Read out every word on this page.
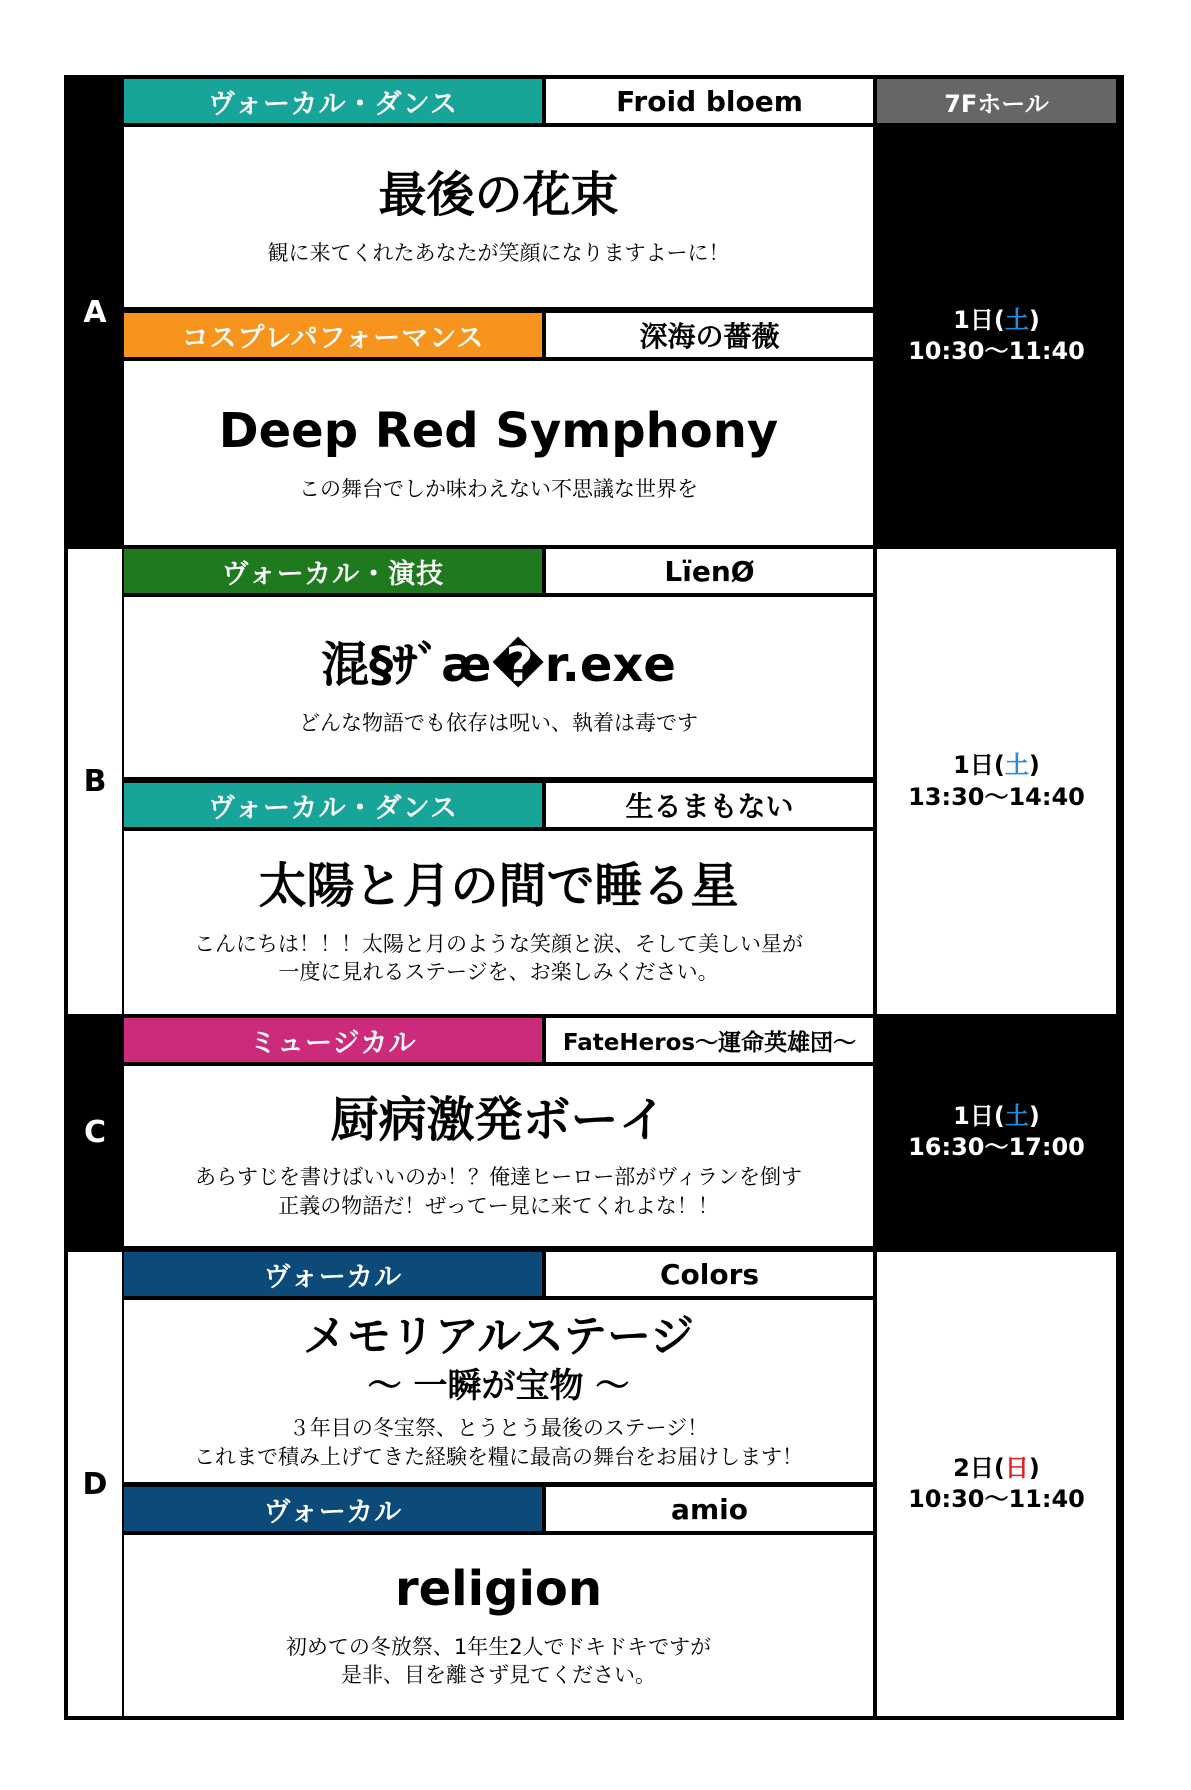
A
ヴォーカル・ダンス	Froid bloem	7Fホール
最後の花束
観に来てくれたあなたが笑顔になりますよーに！
コスプレパフォーマンス	深海の薔薇
Deep Red Symphony
この舞台でしか味わえない不思議な世界を
1日(土)
10:30〜11:40
B
ヴォーカル・演技	LïenØ
混§ｻﾞæ�r.exe
どんな物語でも依存は呪い、執着は毒です
ヴォーカル・ダンス	生るまもない
太陽と月の間で睡る星
こんにちは！！！太陽と月のような笑顔と涙、そして美しい星が
一度に見れるステージを、お楽しみください。
1日(土)
13:30〜14:40
C
ミュージカル	FateHeros〜運命英雄団〜
厨病激発ボーイ
あらすじを書けばいいのか！？俺達ヒーロー部がヴィランを倒す
正義の物語だ！ぜってー見に来てくれよな！！
1日(土)
16:30〜17:00
D
ヴォーカル	Colors
メモリアルステージ
〜 一瞬が宝物 〜
３年目の冬宝祭、とうとう最後のステージ！
これまで積み上げてきた経験を糧に最高の舞台をお届けします！
ヴォーカル	amio
religion
初めての冬放祭、1年生2人でドキドキですが
是非、目を離さず見てください。
2日(日)
10:30〜11:40
